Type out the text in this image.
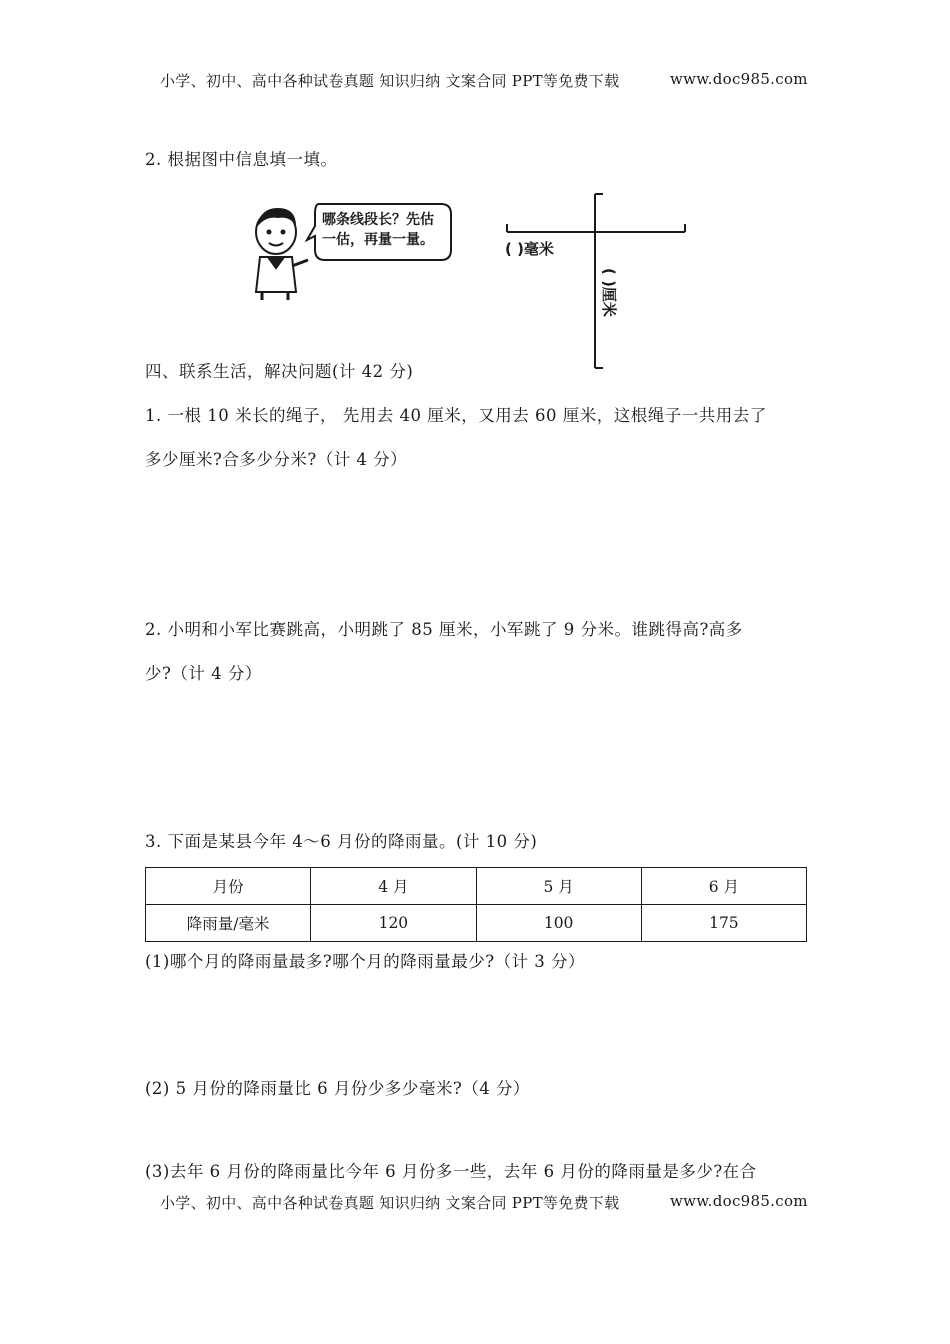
小学、初中、高中各种试卷真题 知识归纳 文案合同 PPT等免费下载	www.doc985.com
2. 根据图中信息填一填。
哪条线段长？先估
一估，再量一量。	( )毫米
( )厘米
四、联系生活，解决问题(计 42 分)
1. 一根 10 米长的绳子， 先用去 40 厘米，又用去 60 厘米，这根绳子一共用去了
多少厘米?合多少分米?（计 4 分）
2. 小明和小军比赛跳高，小明跳了 85 厘米，小军跳了 9 分米。谁跳得高?高多
少?（计 4 分）
3. 下面是某县今年 4～6 月份的降雨量。(计 10 分)
月份	4 月	5 月	6 月
降雨量/毫米	120	100	175
(1)哪个月的降雨量最多?哪个月的降雨量最少?（计 3 分）
(2) 5 月份的降雨量比 6 月份少多少毫米?（4 分）
(3)去年 6 月份的降雨量比今年 6 月份多一些，去年 6 月份的降雨量是多少?在合
小学、初中、高中各种试卷真题 知识归纳 文案合同 PPT等免费下载	www.doc985.com
